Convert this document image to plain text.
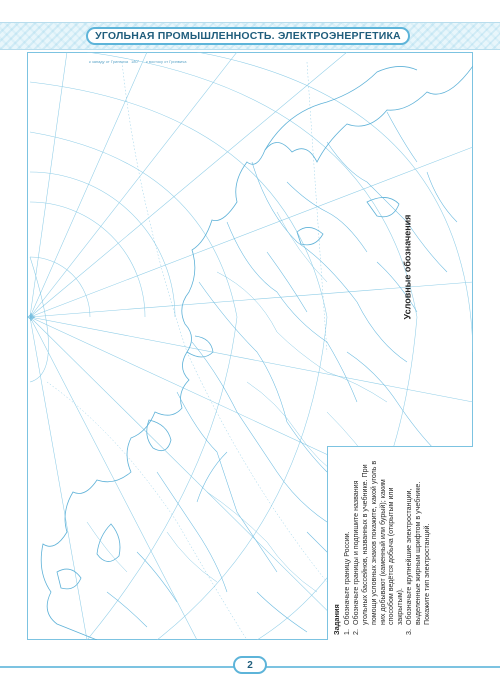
УГОЛЬНАЯ ПРОМЫШЛЕННОСТЬ. ЭЛЕКТРОЭНЕРГЕТИКА
к западу от Гринвича 180° к востоку от Гринвича
Условные обозначения
Задания 1.
Обозначьте границу России.
2.
Обозначьте границы и подпишите названия угольных бассейнов, названных в учебнике. При помощи условных знаков покажите, какой уголь в них добывают (каменный или бурый); каким способом ведётся добыча (открытым или закрытым).
3.
Обозначьте крупнейшие электростанции, выделенные жирным шрифтом в учебнике. Покажите тип электростанций.
2
